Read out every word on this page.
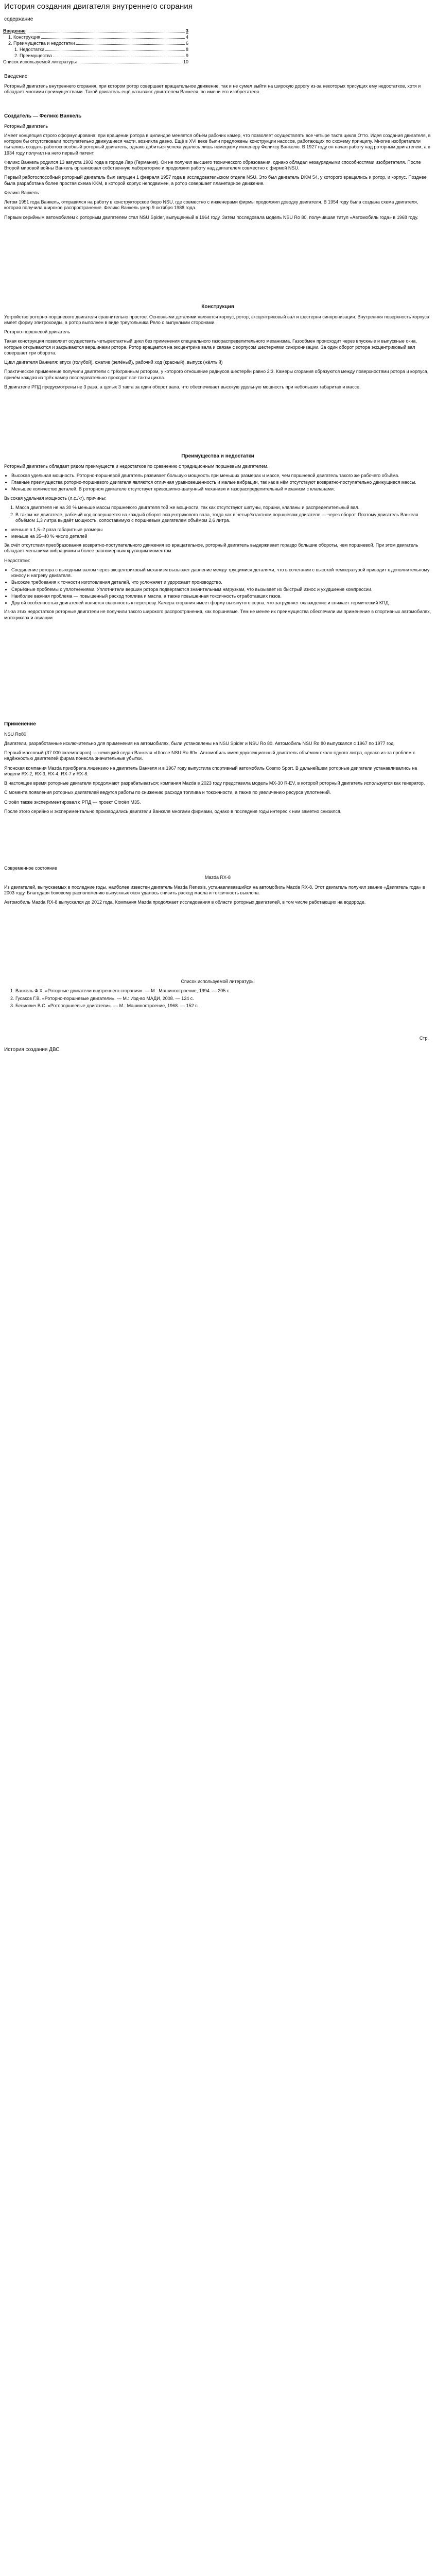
История создания двигателя внутреннего сгорания
содержание
Введение	3
1. Конструкция	4
2. Преимущества и недостатки	6
1. Недостатки	8
2. Преимущества	9
Список используемой литературы	10
Введение

Роторный двигатель внутреннего сгорания, при котором ротор совершает вращательное движение, так и не сумел выйти на широкую дорогу из-за некоторых присущих ему недостатков, хотя и обладает многими преимуществами. Такой двигатель ещё называют двигателем Ванкеля, по имени его изобретателя.

Создатель — Феликс Ванкель

Роторный двигатель

Имеет концепция строго сформулирована: при вращении ротора в цилиндре меняется объём рабочих камер, что позволяет осуществлять все четыре такта цикла Отто. Идея создания двигателя, в котором бы отсутствовали поступательно движущиеся части, возникла давно. Ещё в XVI веке были предложены конструкции насосов, работающих по схожему принципу. Многие изобретатели пытались создать работоспособный роторный двигатель, однако добиться успеха удалось лишь немецкому инженеру Феликсу Ванкелю. В 1927 году он начал работу над роторным двигателем, а в 1934 году получил на него первый патент.

Феликс Ванкель родился 13 августа 1902 года в городе Лар (Германия). Он не получил высшего технического образования, однако обладал незаурядными способностями изобретателя. После Второй мировой войны Ванкель организовал собственную лабораторию и продолжил работу над двигателем совместно с фирмой NSU.

Первый работоспособный роторный двигатель был запущен 1 февраля 1957 года в исследовательском отделе NSU. Это был двигатель DKM 54, у которого вращались и ротор, и корпус. Позднее была разработана более простая схема KKM, в которой корпус неподвижен, а ротор совершает планетарное движение.

Феликс Ванкель

Летом 1951 года Ванкель, отправился на работу в конструкторское бюро NSU, где совместно с инженерами фирмы продолжил доводку двигателя. В 1954 году была создана схема двигателя, которая получила широкое распространение. Феликс Ванкель умер 9 октября 1988 года.

Первым серийным автомобилем с роторным двигателем стал NSU Spider, выпущенный в 1964 году. Затем последовала модель NSU Ro 80, получившая титул «Автомобиль года» в 1968 году.

Конструкция

Устройство роторно-поршневого двигателя сравнительно простое. Основными деталями являются корпус, ротор, эксцентриковый вал и шестерни синхронизации. Внутренняя поверхность корпуса имеет форму эпитрохоиды, а ротор выполнен в виде треугольника Рело с выпуклыми сторонами.

Роторно-поршневой двигатель

Такая конструкция позволяет осуществить четырёхтактный цикл без применения специального газораспределительного механизма. Газообмен происходит через впускные и выпускные окна, которые открываются и закрываются вершинами ротора. Ротор вращается на эксцентрике вала и связан с корпусом шестернями синхронизации. За один оборот ротора эксцентриковый вал совершает три оборота.

Цикл двигателя Ванкеля: впуск (голубой), сжатие (зелёный), рабочий ход (красный), выпуск (жёлтый)

Практическое применение получили двигатели с трёхгранным ротором, у которого отношение радиусов шестерён равно 2:3. Камеры сгорания образуются между поверхностями ротора и корпуса, причём каждая из трёх камер последовательно проходит все такты цикла.

В двигателе РПД предусмотрены не 3 раза, а целых 3 такта за один оборот вала, что обеспечивает высокую удельную мощность при небольших габаритах и массе.

Преимущества и недостатки

Роторный двигатель обладает рядом преимуществ и недостатков по сравнению с традиционным поршневым двигателем.

• Высокая удельная мощность. Роторно-поршневой двигатель развивает большую мощность при меньших размерах и массе, чем поршневой двигатель такого же рабочего объёма.
• Главные преимущества роторно-поршневого двигателя являются отличная уравновешенность и малые вибрации, так как в нём отсутствуют возвратно-поступательно движущиеся массы.
• Меньшее количество деталей. В роторном двигателе отсутствует кривошипно-шатунный механизм и газораспределительный механизм с клапанами.

Высокая удельная мощность (л.с./кг), причины:

1. Масса двигателя не на 30 % меньше массы поршневого двигателя той же мощности, так как отсутствуют шатуны, поршни, клапаны и распределительный вал.
2. В таком же двигателе, рабочий ход совершается на каждый оборот эксцентрикового вала, тогда как в четырёхтактном поршневом двигателе — через оборот. Поэтому двигатель Ванкеля объёмом 1,3 литра выдаёт мощность, сопоставимую с поршневым двигателем объёмом 2,6 литра.
• меньше в 1,5–2 раза габаритные размеры
• меньше на 35–40 % число деталей

За счёт отсутствия преобразования возвратно-поступательного движения во вращательное, роторный двигатель выдерживает гораздо большие обороты, чем поршневой. При этом двигатель обладает меньшими вибрациями и более равномерным крутящим моментом.

Недостатки:

• Соединение ротора с выходным валом через эксцентриковый механизм вызывает давление между трущимися деталями, что в сочетании с высокой температурой приводит к дополнительному износу и нагреву двигателя.
• Высокие требования к точности изготовления деталей, что усложняет и удорожает производство.
• Серьёзные проблемы с уплотнениями. Уплотнители вершин ротора подвергаются значительным нагрузкам, что вызывает их быстрый износ и ухудшение компрессии.
• Наиболее важная проблема — повышенный расход топлива и масла, а также повышенная токсичность отработавших газов.
• Другой особенностью двигателей является склонность к перегреву. Камера сгорания имеет форму вытянутого серпа, что затрудняет охлаждение и снижает термический КПД.

Из-за этих недостатков роторные двигатели не получили такого широкого распространения, как поршневые. Тем не менее их преимущества обеспечили им применение в спортивных автомобилях, мотоциклах и авиации.

Применение

NSU Ro80

Двигатели, разработанные исключительно для применения на автомобилях, были установлены на NSU Spider и NSU Ro 80. Автомобиль NSU Ro 80 выпускался с 1967 по 1977 год.

Первый массовый (37 000 экземпляров) — немецкий седан Ванкеля «Шоссе NSU Ro 80». Автомобиль имел двухсекционный двигатель объёмом около одного литра, однако из-за проблем с надёжностью двигателей фирма понесла значительные убытки.

Японская компания Mazda приобрела лицензию на двигатель Ванкеля и в 1967 году выпустила спортивный автомобиль Cosmo Sport. В дальнейшем роторные двигатели устанавливались на модели RX-2, RX-3, RX-4, RX-7 и RX-8.

В настоящее время роторные двигатели продолжают разрабатываться; компания Mazda в 2023 году представила модель MX-30 R-EV, в которой роторный двигатель используется как генератор.

С момента появления роторных двигателей ведутся работы по снижению расхода топлива и токсичности, а также по увеличению ресурса уплотнений.

Citroën также экспериментировал с РПД — проект Citroën M35.

После этого серийно и экспериментально производились двигатели Ванкеля многими фирмами, однако в последние годы интерес к ним заметно снизился.

Современное состояние

Mazda RX-8

Из двигателей, выпускаемых в последние годы, наиболее известен двигатель Mazda Renesis, устанавливавшийся на автомобиль Mazda RX-8. Этот двигатель получил звание «Двигатель года» в 2003 году. Благодаря боковому расположению выпускных окон удалось снизить расход масла и токсичность выхлопа.

Автомобиль Mazda RX-8 выпускался до 2012 года. Компания Mazda продолжает исследования в области роторных двигателей, в том числе работающих на водороде.

Список используемой литературы

1. Ванкель Ф.Х. «Роторные двигатели внутреннего сгорания». — М.: Машиностроение, 1994. — 205 с.
2. Гусаков Г.В. «Роторно-поршневые двигатели». — М.: Изд-во МАДИ, 2008. — 124 с.
3. Бениович В.С. «Ротопоршневые двигатели». — М.: Машиностроение, 1968. — 152 с.
Стр.
История создания ДВС
